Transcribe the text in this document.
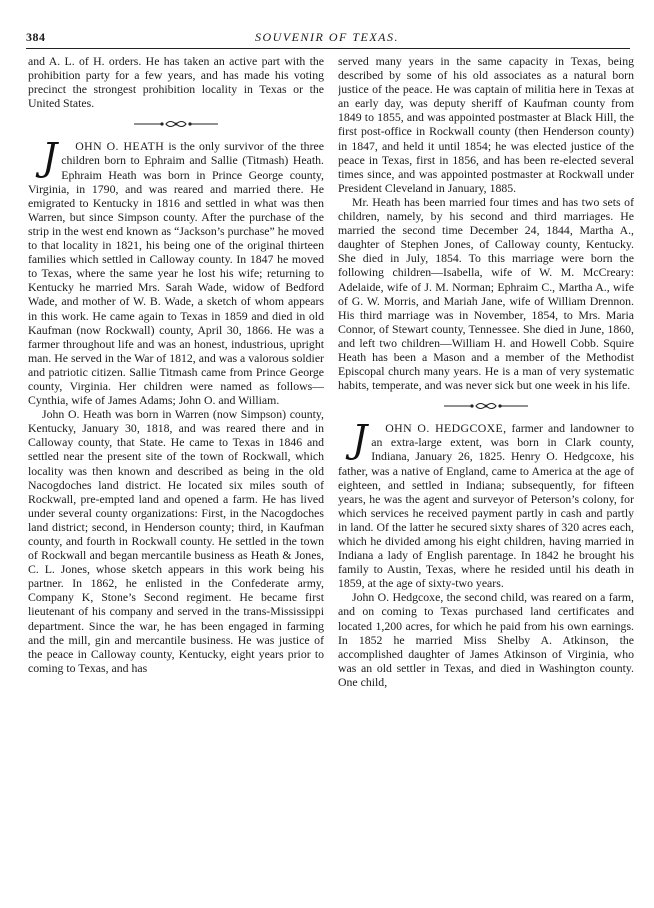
384	SOUVENIR OF TEXAS.

and A. L. of H. orders. He has taken an active part with the prohibition party for a few years, and has made his voting precinct the strongest prohibition locality in Texas or the United States.

J OHN O. HEATH is the only survivor of the three children born to Ephraim and Sallie (Titmash) Heath. Ephraim Heath was born in Prince George county, Virginia, in 1790, and was reared and married there. He emigrated to Kentucky in 1816 and settled in what was then Warren, but since Simpson county. After the purchase of the strip in the west end known as “Jackson’s purchase” he moved to that locality in 1821, his being one of the original thirteen families which settled in Calloway county. In 1847 he moved to Texas, where the same year he lost his wife; returning to Kentucky he married Mrs. Sarah Wade, widow of Bedford Wade, and mother of W. B. Wade, a sketch of whom appears in this work. He came again to Texas in 1859 and died in old Kaufman (now Rockwall) county, April 30, 1866. He was a farmer throughout life and was an honest, industrious, upright man. He served in the War of 1812, and was a valorous soldier and patriotic citizen. Sallie Titmash came from Prince George county, Virginia. Her children were named as follows—Cynthia, wife of James Adams; John O. and William.

John O. Heath was born in Warren (now Simpson) county, Kentucky, January 30, 1818, and was reared there and in Calloway county, that State. He came to Texas in 1846 and settled near the present site of the town of Rockwall, which locality was then known and described as being in the old Nacogdoches land district. He located six miles south of Rockwall, pre-empted land and opened a farm. He has lived under several county organizations: First, in the Nacogdoches land district; second, in Henderson county; third, in Kaufman county, and fourth in Rockwall county. He settled in the town of Rockwall and began mercantile business as Heath & Jones, C. L. Jones, whose sketch appears in this work being his partner. In 1862, he enlisted in the Confederate army, Company K, Stone’s Second regiment. He became first lieutenant of his company and served in the trans-Mississippi department. Since the war, he has been engaged in farming and the mill, gin and mercantile business. He was justice of the peace in Calloway county, Kentucky, eight years prior to coming to Texas, and has

served many years in the same capacity in Texas, being described by some of his old associates as a natural born justice of the peace. He was captain of militia here in Texas at an early day, was deputy sheriff of Kaufman county from 1849 to 1855, and was appointed postmaster at Black Hill, the first post-office in Rockwall county (then Henderson county) in 1847, and held it until 1854; he was elected justice of the peace in Texas, first in 1856, and has been re-elected several times since, and was appointed postmaster at Rockwall under President Cleveland in January, 1885.

Mr. Heath has been married four times and has two sets of children, namely, by his second and third marriages. He married the second time December 24, 1844, Martha A., daughter of Stephen Jones, of Calloway county, Kentucky. She died in July, 1854. To this marriage were born the following children—Isabella, wife of W. M. McCreary: Adelaide, wife of J. M. Norman; Ephraim C., Martha A., wife of G. W. Morris, and Mariah Jane, wife of William Drennon. His third marriage was in November, 1854, to Mrs. Maria Connor, of Stewart county, Tennessee. She died in June, 1860, and left two children—William H. and Howell Cobb. Squire Heath has been a Mason and a member of the Methodist Episcopal church many years. He is a man of very systematic habits, temperate, and was never sick but one week in his life.

J OHN O. HEDGCOXE, farmer and landowner to an extra-large extent, was born in Clark county, Indiana, January 26, 1825. Henry O. Hedgcoxe, his father, was a native of England, came to America at the age of eighteen, and settled in Indiana; subsequently, for fifteen years, he was the agent and surveyor of Peterson’s colony, for which services he received payment partly in cash and partly in land. Of the latter he secured sixty shares of 320 acres each, which he divided among his eight children, having married in Indiana a lady of English parentage. In 1842 he brought his family to Austin, Texas, where he resided until his death in 1859, at the age of sixty-two years.

John O. Hedgcoxe, the second child, was reared on a farm, and on coming to Texas purchased land certificates and located 1,200 acres, for which he paid from his own earnings. In 1852 he married Miss Shelby A. Atkinson, the accomplished daughter of James Atkinson of Virginia, who was an old settler in Texas, and died in Washington county. One child,
